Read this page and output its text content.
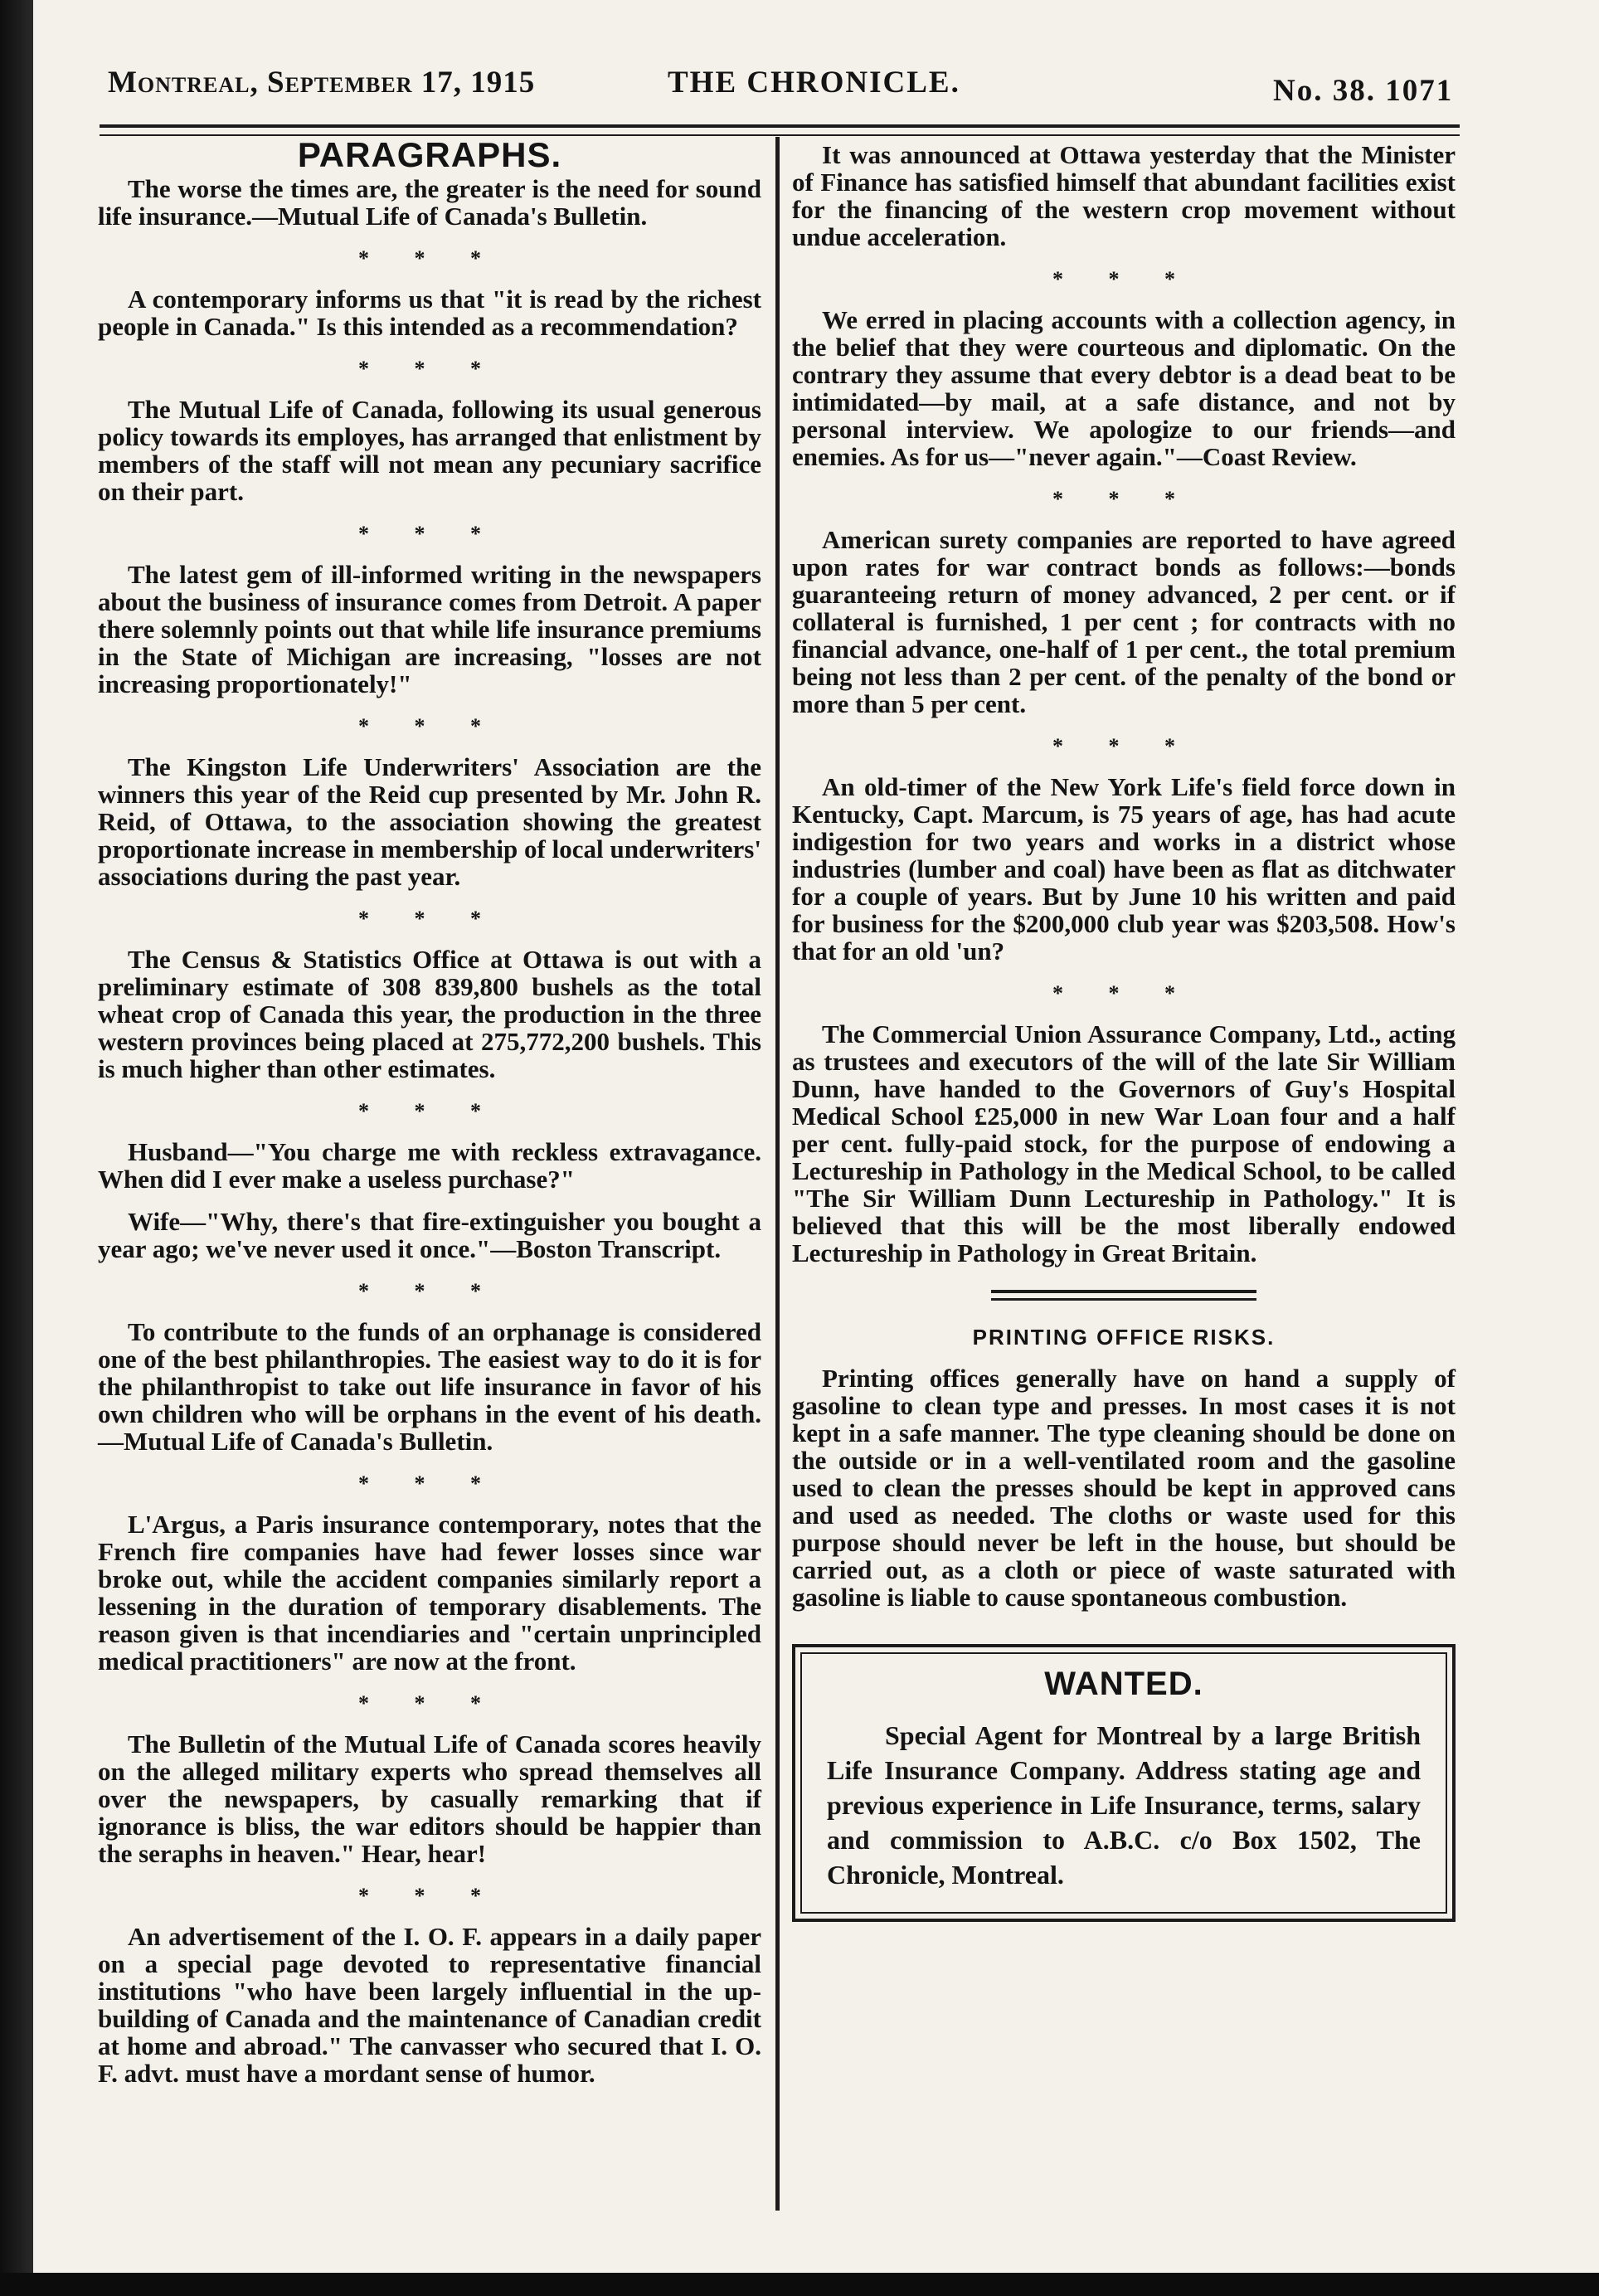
Montreal, September 17, 1915	THE CHRONICLE.	No. 38. 1071
PARAGRAPHS.

The worse the times are, the greater is the need for sound life insurance.—Mutual Life of Canada's Bulletin.

* * *

A contemporary informs us that "it is read by the richest people in Canada." Is this intended as a recommendation?

* * *

The Mutual Life of Canada, following its usual generous policy towards its employes, has arranged that enlistment by members of the staff will not mean any pecuniary sacrifice on their part.

* * *

The latest gem of ill-informed writing in the newspapers about the business of insurance comes from Detroit. A paper there solemnly points out that while life insurance premiums in the State of Michigan are increasing, "losses are not increasing proportionately!"

* * *

The Kingston Life Underwriters' Association are the winners this year of the Reid cup presented by Mr. John R. Reid, of Ottawa, to the association showing the greatest proportionate increase in membership of local underwriters' associations during the past year.

* * *

The Census & Statistics Office at Ottawa is out with a preliminary estimate of 308 839,800 bushels as the total wheat crop of Canada this year, the production in the three western provinces being placed at 275,772,200 bushels. This is much higher than other estimates.

* * *

Husband—"You charge me with reckless extravagance. When did I ever make a useless purchase?"

Wife—"Why, there's that fire-extinguisher you bought a year ago; we've never used it once."—Boston Transcript.

* * *

To contribute to the funds of an orphanage is considered one of the best philanthropies. The easiest way to do it is for the philanthropist to take out life insurance in favor of his own children who will be orphans in the event of his death.—Mutual Life of Canada's Bulletin.

* * *

L'Argus, a Paris insurance contemporary, notes that the French fire companies have had fewer losses since war broke out, while the accident companies similarly report a lessening in the duration of temporary disablements. The reason given is that incendiaries and "certain unprincipled medical practitioners" are now at the front.

* * *

The Bulletin of the Mutual Life of Canada scores heavily on the alleged military experts who spread themselves all over the newspapers, by casually remarking that if ignorance is bliss, the war editors should be happier than the seraphs in heaven." Hear, hear!

* * *

An advertisement of the I. O. F. appears in a daily paper on a special page devoted to representative financial institutions "who have been largely influential in the up-building of Canada and the maintenance of Canadian credit at home and abroad." The canvasser who secured that I. O. F. advt. must have a mordant sense of humor.

It was announced at Ottawa yesterday that the Minister of Finance has satisfied himself that abundant facilities exist for the financing of the western crop movement without undue acceleration.

* * *

We erred in placing accounts with a collection agency, in the belief that they were courteous and diplomatic. On the contrary they assume that every debtor is a dead beat to be intimidated—by mail, at a safe distance, and not by personal interview. We apologize to our friends—and enemies. As for us—"never again."—Coast Review.

* * *

American surety companies are reported to have agreed upon rates for war contract bonds as follows:—bonds guaranteeing return of money advanced, 2 per cent. or if collateral is furnished, 1 per cent ; for contracts with no financial advance, one-half of 1 per cent., the total premium being not less than 2 per cent. of the penalty of the bond or more than 5 per cent.

* * *

An old-timer of the New York Life's field force down in Kentucky, Capt. Marcum, is 75 years of age, has had acute indigestion for two years and works in a district whose industries (lumber and coal) have been as flat as ditchwater for a couple of years. But by June 10 his written and paid for business for the $200,000 club year was $203,508. How's that for an old 'un?

* * *

The Commercial Union Assurance Company, Ltd., acting as trustees and executors of the will of the late Sir William Dunn, have handed to the Governors of Guy's Hospital Medical School £25,000 in new War Loan four and a half per cent. fully-paid stock, for the purpose of endowing a Lectureship in Pathology in the Medical School, to be called "The Sir William Dunn Lectureship in Pathology." It is believed that this will be the most liberally endowed Lectureship in Pathology in Great Britain.

PRINTING OFFICE RISKS.

Printing offices generally have on hand a supply of gasoline to clean type and presses. In most cases it is not kept in a safe manner. The type cleaning should be done on the outside or in a well-ventilated room and the gasoline used to clean the presses should be kept in approved cans and used as needed. The cloths or waste used for this purpose should never be left in the house, but should be carried out, as a cloth or piece of waste saturated with gasoline is liable to cause spontaneous combustion.

WANTED.

Special Agent for Montreal by a large British Life Insurance Company. Address stating age and previous experience in Life Insurance, terms, salary and commission to A.B.C. c/o Box 1502, The Chronicle, Montreal.
